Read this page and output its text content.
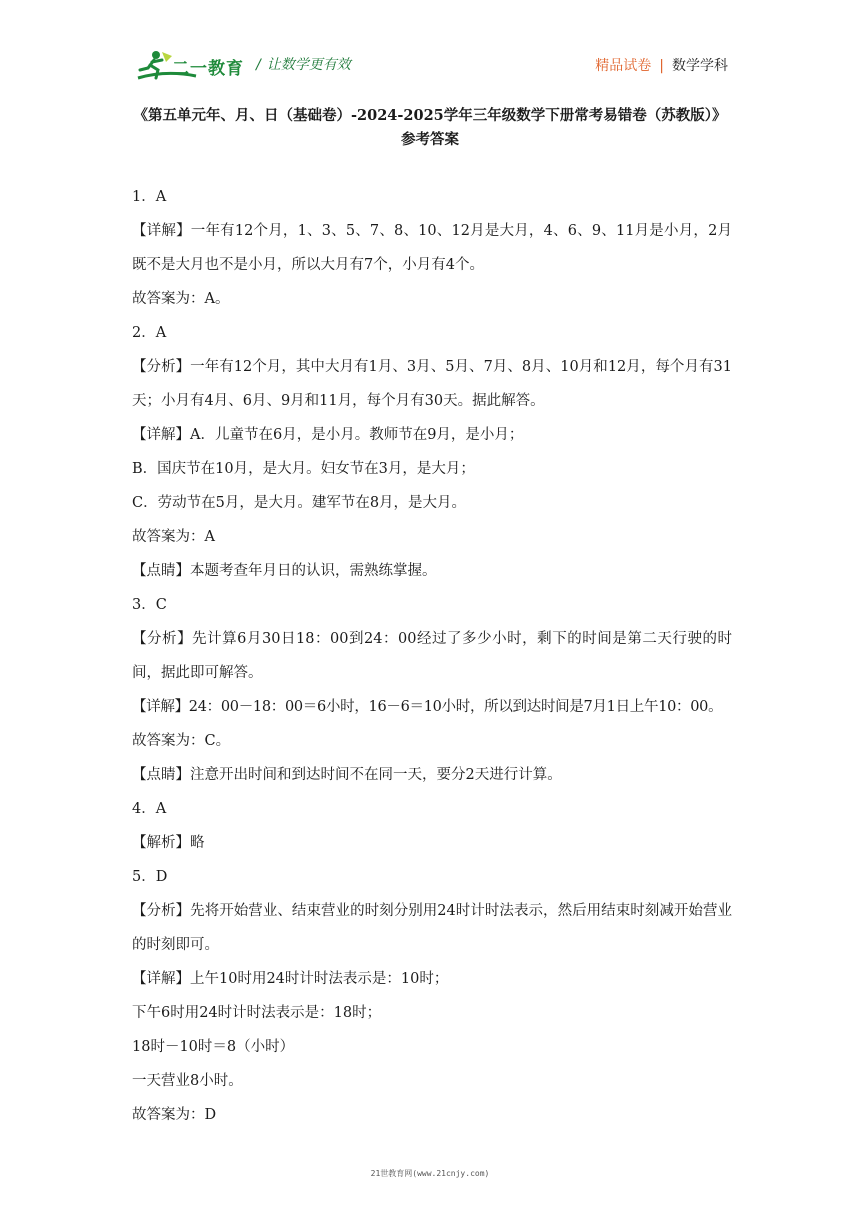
二一教育 / 让数学更有效	精品试卷 | 数学学科
《第五单元年、月、日（基础卷）-2024-2025学年三年级数学下册常考易错卷（苏教版）》
参考答案

1．A

【详解】一年有12个月，1、3、5、7、8、10、12月是大月，4、6、9、11月是小月，2月既不是大月也不是小月，所以大月有7个，小月有4个。

故答案为：A。

2．A

【分析】一年有12个月，其中大月有1月、3月、5月、7月、8月、10月和12月，每个月有31天；小月有4月、6月、9月和11月，每个月有30天。据此解答。

【详解】A．儿童节在6月，是小月。教师节在9月，是小月；

B．国庆节在10月，是大月。妇女节在3月，是大月；

C．劳动节在5月，是大月。建军节在8月，是大月。

故答案为：A

【点睛】本题考查年月日的认识，需熟练掌握。

3．C

【分析】先计算6月30日18：00到24：00经过了多少小时，剩下的时间是第二天行驶的时间，据此即可解答。

【详解】24：00－18：00＝6小时，16－6＝10小时，所以到达时间是7月1日上午10：00。

故答案为：C。

【点睛】注意开出时间和到达时间不在同一天，要分2天进行计算。

4．A

【解析】略

5．D

【分析】先将开始营业、结束营业的时刻分别用24时计时法表示，然后用结束时刻减开始营业的时刻即可。

【详解】上午10时用24时计时法表示是：10时；

下午6时用24时计时法表示是：18时；

18时－10时＝8（小时）

一天营业8小时。

故答案为：D

21世教育网(www.21cnjy.com)
